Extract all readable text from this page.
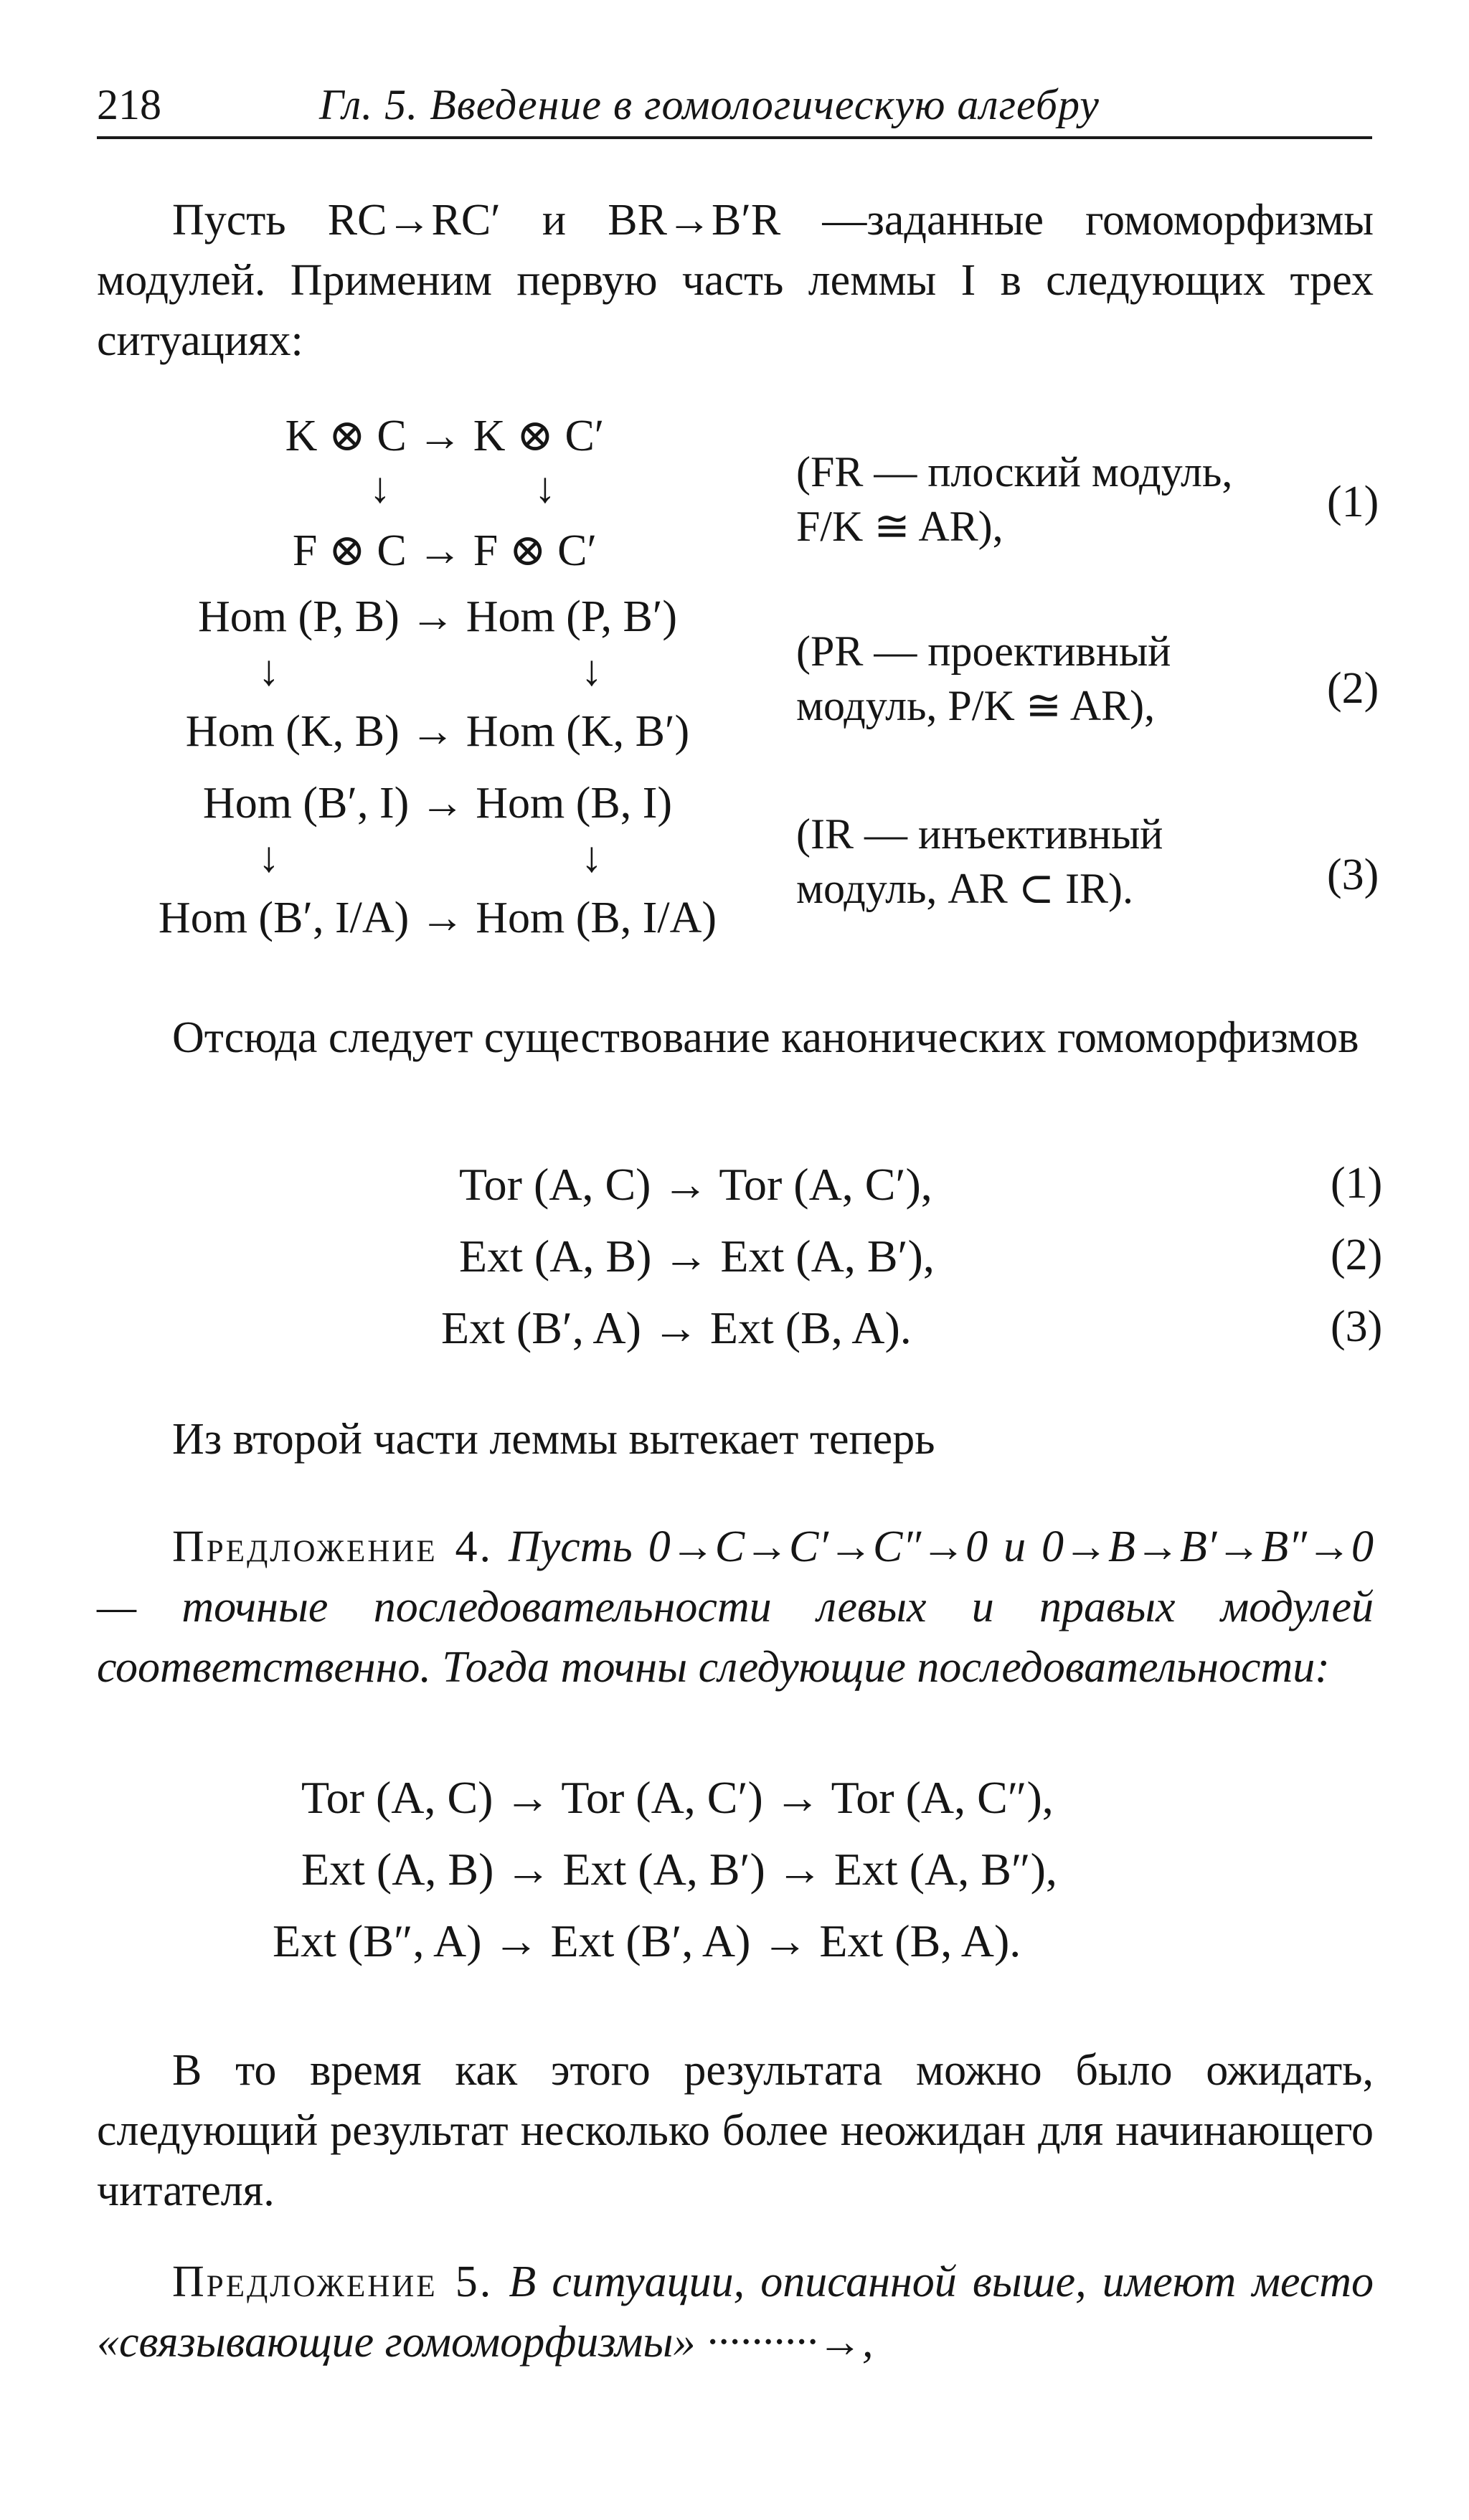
218	Гл. 5. Введение в гомологическую алгебру
Пусть RC→RC′ и BR→B′R —заданные гомоморфизмы модулей. Применим первую часть леммы I в следующих трех ситуациях:
K ⊗ C → K ⊗ C′
↓	↓
F ⊗ C → F ⊗ C′
(FR — плоский модуль, F/K ≅ AR),	(1)
Hom (P, B) → Hom (P, B′)
↓	↓
Hom (K, B) → Hom (K, B′)
(PR — проективный модуль, P/K ≅ AR),	(2)
Hom (B′, I) → Hom (B, I)
↓	↓
Hom (B′, I/A) → Hom (B, I/A)
(IR — инъективный модуль, AR ⊂ IR).	(3)
Отсюда следует существование канонических гомоморфизмов
Tor (A, C) → Tor (A, C′),	(1)
Ext (A, B) → Ext (A, B′),	(2)
Ext (B′, A) → Ext (B, A).	(3)
Из второй части леммы вытекает теперь
Предложение 4. Пусть 0→C→C′→C″→0 и 0→B→B′→B″→0 — точные последовательности левых и правых модулей соответственно. Тогда точны следующие последовательности:
Tor (A, C) → Tor (A, C′) → Tor (A, C″),
Ext (A, B) → Ext (A, B′) → Ext (A, B″),
Ext (B″, A) → Ext (B′, A) → Ext (B, A).
В то время как этого результата можно было ожидать, следующий результат несколько более неожидан для начинающего читателя.
Предложение 5. В ситуации, описанной выше, имеют место «связывающие гомоморфизмы» ··········→,
